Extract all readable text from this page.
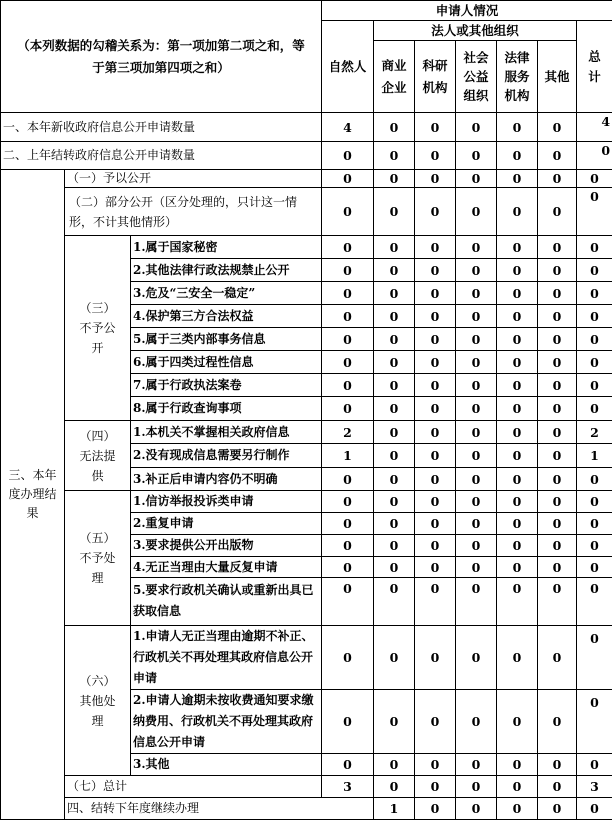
（本列数据的勾稽关系为：第一项加第二项之和，等于第三项加第四项之和）			申请人情况							
			自然人	法人或其他组织					总计	
				商业企业	科研机构	社会公益组织	法律服务机构	其他		

一、本年新收政府信息公开申请数量			4	0	0	0	0	0	4	
二、上年结转政府信息公开申请数量			0	0	0	0	0	0	0	
三、本年度办理结果	（一）予以公开		0	0	0	0	0	0	0	
	（二）部分公开（区分处理的，只计这一情形，不计其他情形）		0	0	0	0	0	0	0	
	（三）不予公开	1.属于国家秘密	0	0	0	0	0	0	0	
		2.其他法律行政法规禁止公开	0	0	0	0	0	0	0	
		3.危及“三安全一稳定”	0	0	0	0	0	0	0	
		4.保护第三方合法权益	0	0	0	0	0	0	0	
		5.属于三类内部事务信息	0	0	0	0	0	0	0	
		6.属于四类过程性信息	0	0	0	0	0	0	0	
		7.属于行政执法案卷	0	0	0	0	0	0	0	
		8.属于行政查询事项	0	0	0	0	0	0	0	
	（四）无法提供	1.本机关不掌握相关政府信息	2	0	0	0	0	0	2	
		2.没有现成信息需要另行制作	1	0	0	0	0	0	1	
		3.补正后申请内容仍不明确	0	0	0	0	0	0	0	
	（五）不予处理	1.信访举报投诉类申请	0	0	0	0	0	0	0	
		2.重复申请	0	0	0	0	0	0	0	
		3.要求提供公开出版物	0	0	0	0	0	0	0	
		4.无正当理由大量反复申请	0	0	0	0	0	0	0	
		5.要求行政机关确认或重新出具已获取信息	0	0	0	0	0	0	0	
	（六）其他处理	1.申请人无正当理由逾期不补正、行政机关不再处理其政府信息公开申请	0	0	0	0	0	0	0	
		2.申请人逾期未按收费通知要求缴纳费用、行政机关不再处理其政府信息公开申请	0	0	0	0	0	0	0	
		3.其他	0	0	0	0	0	0	0	
	（七）总计		3	0	0	0	0	0	3	
	四、结转下年度继续办理			1	0	0	0	0	0	
